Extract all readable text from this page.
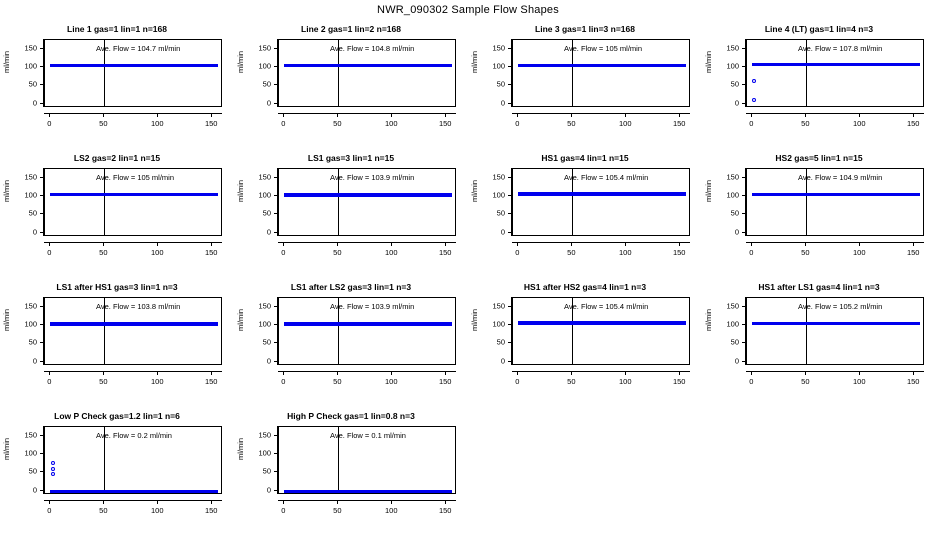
NWR_090302 Sample Flow Shapes
Line 1 gas=1 lin=1 n=168
0
50
100
150
ml/min
Ave. Flow = 104.7 ml/min
0	50	100	150
Line 2 gas=1 lin=2 n=168
0
50
100
150
ml/min
Ave. Flow = 104.8 ml/min
0	50	100	150
Line 3 gas=1 lin=3 n=168
0
50
100
150
ml/min
Ave. Flow = 105 ml/min
0	50	100	150
Line 4 (LT) gas=1 lin=4 n=3
0
50
100
150
ml/min
Ave. Flow = 107.8 ml/min
0	50	100	150
LS2 gas=2 lin=1 n=15
0
50
100
150
ml/min
Ave. Flow = 105 ml/min
0	50	100	150
LS1 gas=3 lin=1 n=15
0
50
100
150
ml/min
Ave. Flow = 103.9 ml/min
0	50	100	150
HS1 gas=4 lin=1 n=15
0
50
100
150
ml/min
Ave. Flow = 105.4 ml/min
0	50	100	150
HS2 gas=5 lin=1 n=15
0
50
100
150
ml/min
Ave. Flow = 104.9 ml/min
0	50	100	150
LS1 after HS1 gas=3 lin=1 n=3
0
50
100
150
ml/min
Ave. Flow = 103.8 ml/min
0	50	100	150
LS1 after LS2 gas=3 lin=1 n=3
0
50
100
150
ml/min
Ave. Flow = 103.9 ml/min
0	50	100	150
HS1 after HS2 gas=4 lin=1 n=3
0
50
100
150
ml/min
Ave. Flow = 105.4 ml/min
0	50	100	150
HS1 after LS1 gas=4 lin=1 n=3
0
50
100
150
ml/min
Ave. Flow = 105.2 ml/min
0	50	100	150
Low P Check gas=1.2 lin=1 n=6
0
50
100
150
ml/min
Ave. Flow = 0.2 ml/min
0	50	100	150
High P Check gas=1 lin=0.8 n=3
0
50
100
150
ml/min
Ave. Flow = 0.1 ml/min
0	50	100	150
